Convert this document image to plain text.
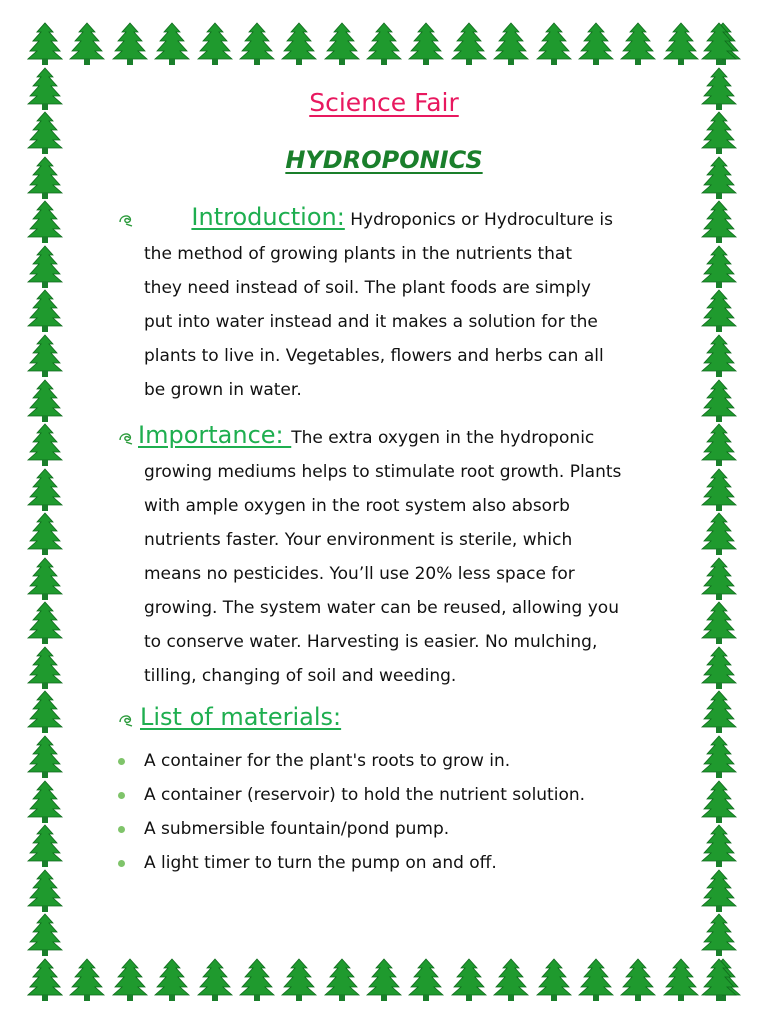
Science Fair
HYDROPONICS

Introduction: Hydroponics or Hydroculture is

the method of growing plants in the nutrients that

they need instead of soil. The plant foods are simply

put into water instead and it makes a solution for the

plants to live in. Vegetables, flowers and herbs can all

be grown in water.

Importance: The extra oxygen in the hydroponic

growing mediums helps to stimulate root growth. Plants

with ample oxygen in the root system also absorb

nutrients faster. Your environment is sterile, which

means no pesticides. You’ll use 20% less space for

growing. The system water can be reused, allowing you

to conserve water. Harvesting is easier. No mulching,

tilling, changing of soil and weeding.

List of materials:

A container for the plant's roots to grow in.
A container (reservoir) to hold the nutrient solution.
A submersible fountain/pond pump.
A light timer to turn the pump on and off.
